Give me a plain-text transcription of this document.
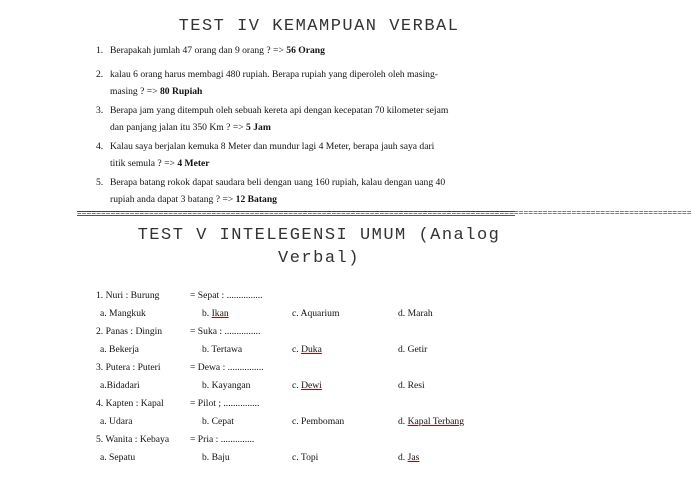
TEST IV KEMAMPUAN VERBAL
1. Berapakah jumlah 47 orang dan 9 orang ? => 56 Orang
2. kalau 6 orang harus membagi 480 rupiah. Berapa rupiah yang diperoleh oleh masing-
masing ? => 80 Rupiah
3. Berapa jam yang ditempuh oleh sebuah kereta api dengan kecepatan 70 kilometer sejam
dan panjang jalan itu 350 Km ? => 5 Jam
4. Kalau saya berjalan kemuka 8 Meter dan mundur lagi 4 Meter, berapa jauh saya dari
titik semula ? => 4 Meter
5. Berapa batang rokok dapat saudara beli dengan uang 160 rupiah, kalau dengan uang 40
rupiah anda dapat 3 batang ? => 12 Batang
================================================================================================================================
TEST V INTELEGENSI UMUM (Analog
Verbal)
1. Nuri : Burung	= Sepat : ...............
a. Mangkuk	b. Ikan	c. Aquarium	d. Marah
2. Panas : Dingin	= Suka : ...............
a. Bekerja	b. Tertawa	c. Duka	d. Getir
3. Putera : Puteri	= Dewa : ...............
a.Bidadari	b. Kayangan	c. Dewi	d. Resi
4. Kapten : Kapal	= Pilot ; ...............
a. Udara	b. Cepat	c. Pemboman	d. Kapal Terbang
5. Wanita : Kebaya = Pria : ..............
a. Sepatu	b. Baju	c. Topi	d. Jas
